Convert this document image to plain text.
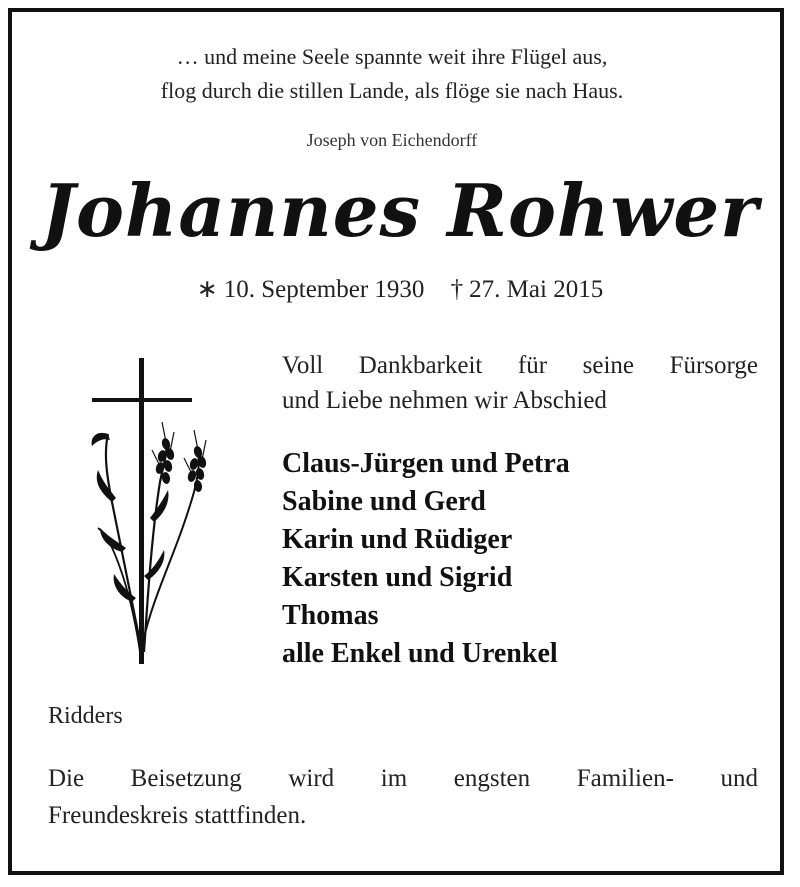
… und meine Seele spannte weit ihre Flügel aus,
flog durch die stillen Lande, als flöge sie nach Haus.
Joseph von Eichendorff
Johannes Rohwer
∗ 10. September 1930 † 27. Mai 2015
Voll Dankbarkeit für seine Fürsorge
und Liebe nehmen wir Abschied
Claus-Jürgen und Petra
Sabine und Gerd
Karin und Rüdiger
Karsten und Sigrid
Thomas
alle Enkel und Urenkel
Ridders
Die Beisetzung wird im engsten Familien- und
Freundeskreis stattfinden.
